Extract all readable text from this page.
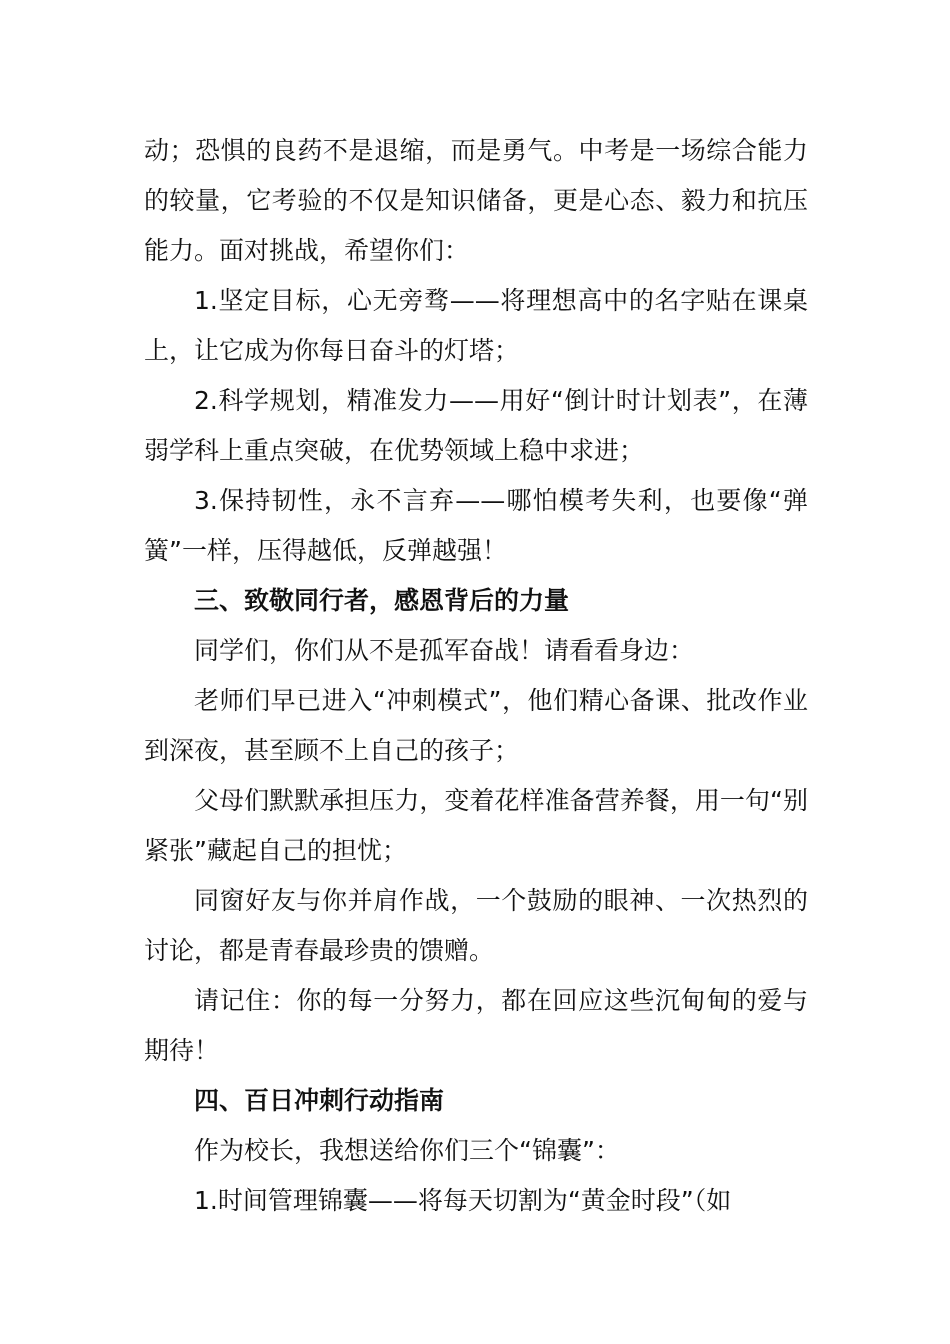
动；恐惧的良药不是退缩，而是勇气。中考是一场综合能力的较量，它考验的不仅是知识储备，更是心态、毅力和抗压能力。面对挑战，希望你们：

1.坚定目标，心无旁骛——将理想高中的名字贴在课桌上，让它成为你每日奋斗的灯塔；

2.科学规划，精准发力——用好“倒计时计划表”，在薄弱学科上重点突破，在优势领域上稳中求进；

3.保持韧性，永不言弃——哪怕模考失利，也要像“弹簧”一样，压得越低，反弹越强！

三、致敬同行者，感恩背后的力量

同学们，你们从不是孤军奋战！请看看身边：

老师们早已进入“冲刺模式”，他们精心备课、批改作业到深夜，甚至顾不上自己的孩子；

父母们默默承担压力，变着花样准备营养餐，用一句“别紧张”藏起自己的担忧；

同窗好友与你并肩作战，一个鼓励的眼神、一次热烈的讨论，都是青春最珍贵的馈赠。

请记住：你的每一分努力，都在回应这些沉甸甸的爱与期待！

四、百日冲刺行动指南

作为校长，我想送给你们三个“锦囊”：

1.时间管理锦囊——将每天切割为“黄金时段”（如
